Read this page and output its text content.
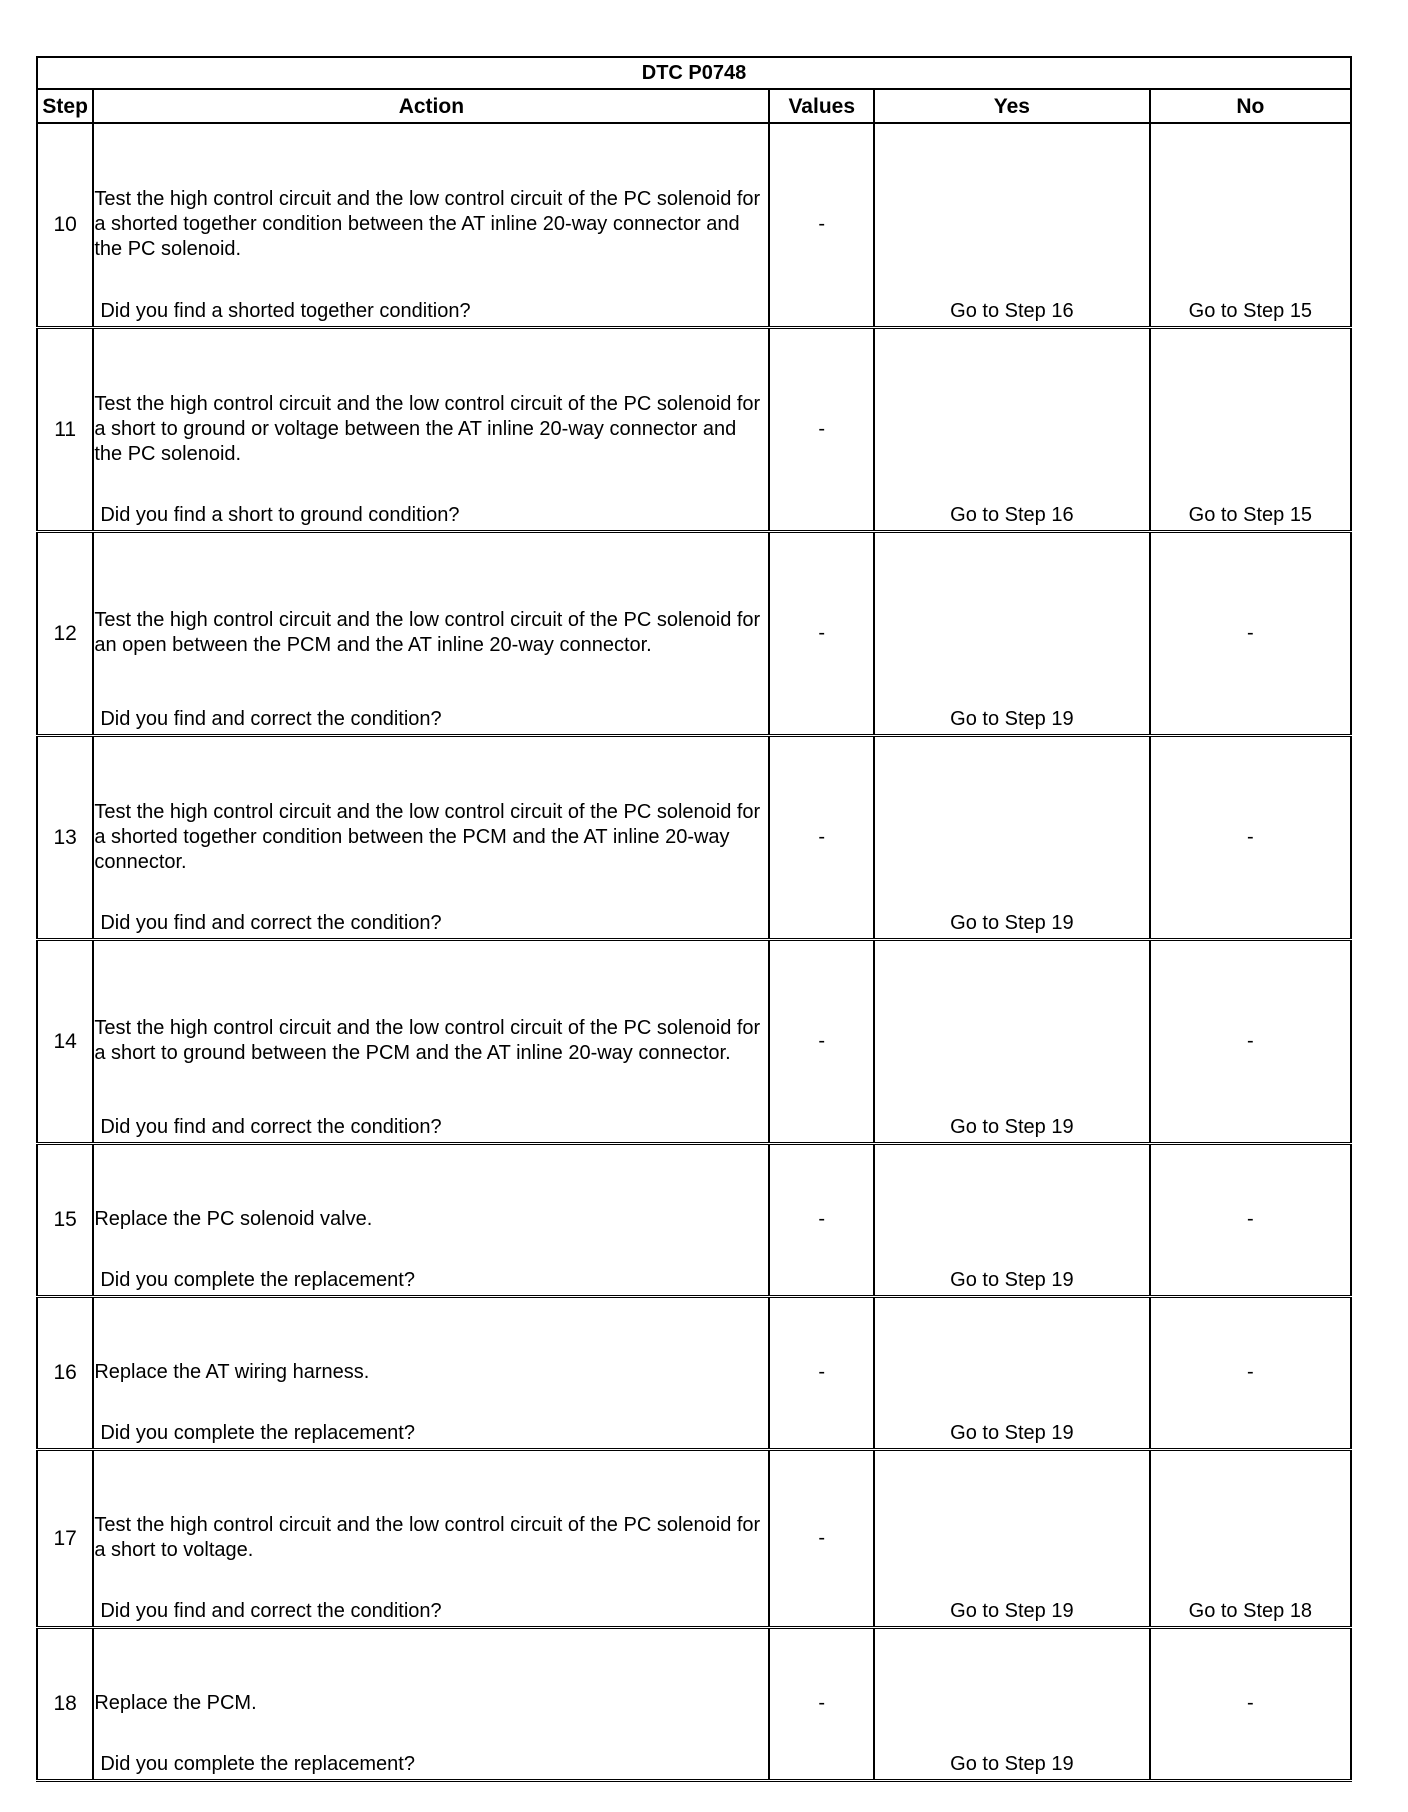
DTC P0748				
Step	Action	Values	Yes	No
10	Test the high control circuit and the low control circuit of the PC solenoid for a shorted together condition between the AT inline 20-way connector and the PC solenoid.
Did you find a shorted together condition?	-	Go to Step 16	Go to Step 15

11	Test the high control circuit and the low control circuit of the PC solenoid for a short to ground or voltage between the AT inline 20-way connector and the PC solenoid.
Did you find a short to ground condition?	-	Go to Step 16	Go to Step 15

12	Test the high control circuit and the low control circuit of the PC solenoid for an open between the PCM and the AT inline 20-way connector.
Did you find and correct the condition?	-	Go to Step 19	-

13	Test the high control circuit and the low control circuit of the PC solenoid for a shorted together condition between the PCM and the AT inline 20-way connector.
Did you find and correct the condition?	-	Go to Step 19	-

14	Test the high control circuit and the low control circuit of the PC solenoid for a short to ground between the PCM and the AT inline 20-way connector.
Did you find and correct the condition?	-	Go to Step 19	-

15	Replace the PC solenoid valve.
Did you complete the replacement?	-	Go to Step 19	-

16	Replace the AT wiring harness.
Did you complete the replacement?	-	Go to Step 19	-

17	Test the high control circuit and the low control circuit of the PC solenoid for a short to voltage.
Did you find and correct the condition?	-	Go to Step 19	Go to Step 18

18	Replace the PCM.
Did you complete the replacement?	-	Go to Step 19	-
